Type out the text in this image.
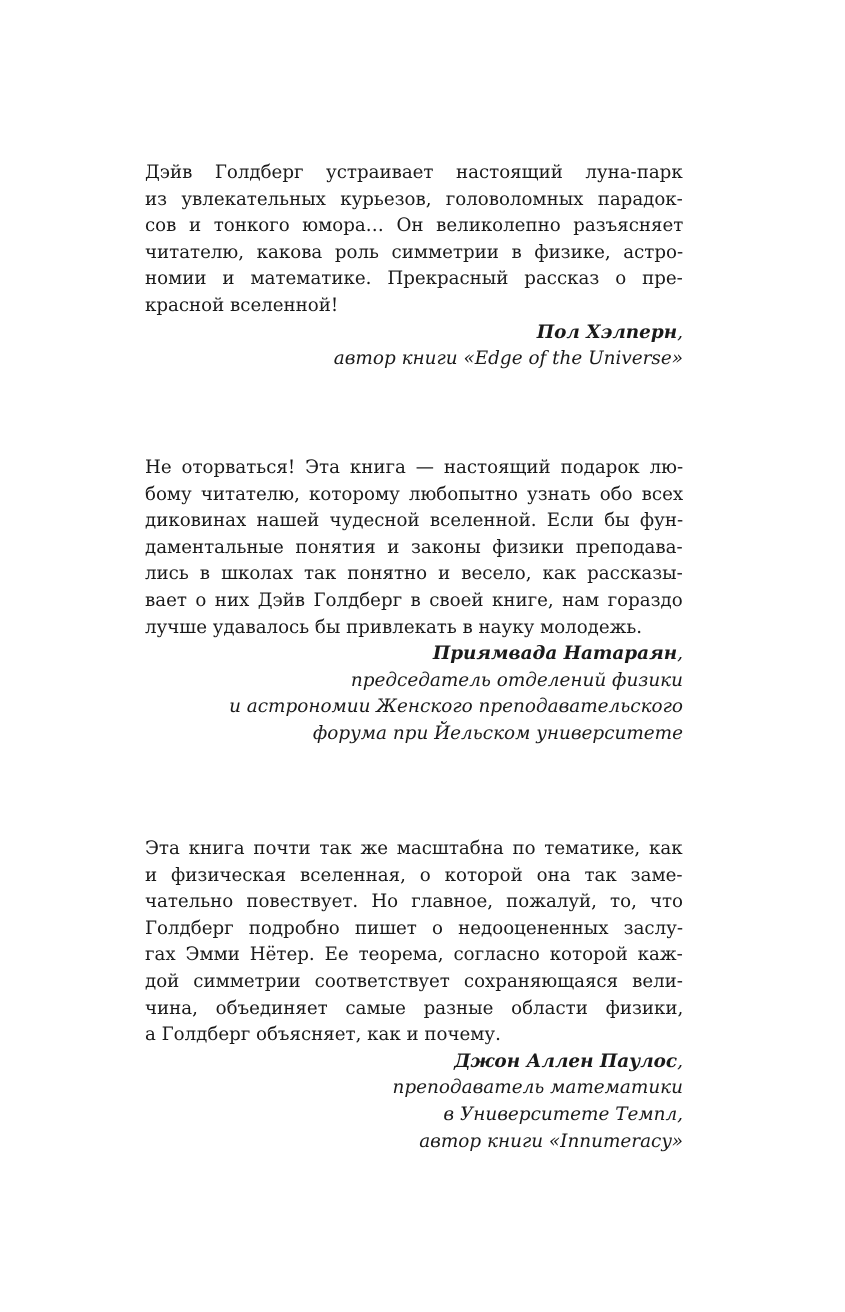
Дэйв Голдберг устраивает настоящий луна-парк
из увлекательных курьезов, головоломных парадок-
сов и тонкого юмора… Он великолепно разъясняет
читателю, какова роль симметрии в физике, астро-
номии и математике. Прекрасный рассказ о пре-
красной вселенной!
Пол Хэлперн,
автор книги «Edge of the Universe»
Не оторваться! Эта книга — настоящий подарок лю-
бому читателю, которому любопытно узнать обо всех
диковинах нашей чудесной вселенной. Если бы фун-
даментальные понятия и законы физики преподава-
лись в школах так понятно и весело, как рассказы-
вает о них Дэйв Голдберг в своей книге, нам гораздо
лучше удавалось бы привлекать в науку молодежь.
Приямвада Натараян,
председатель отделений физики
и астрономии Женского преподавательского
форума при Йельском университете
Эта книга почти так же масштабна по тематике, как
и физическая вселенная, о которой она так заме-
чательно повествует. Но главное, пожалуй, то, что
Голдберг подробно пишет о недооцененных заслу-
гах Эмми Нётер. Ее теорема, согласно которой каж-
дой симметрии соответствует сохраняющаяся вели-
чина, объединяет самые разные области физики,
а Голдберг объясняет, как и почему.
Джон Аллен Паулос,
преподаватель математики
в Университете Темпл,
автор книги «Innumeracy»
